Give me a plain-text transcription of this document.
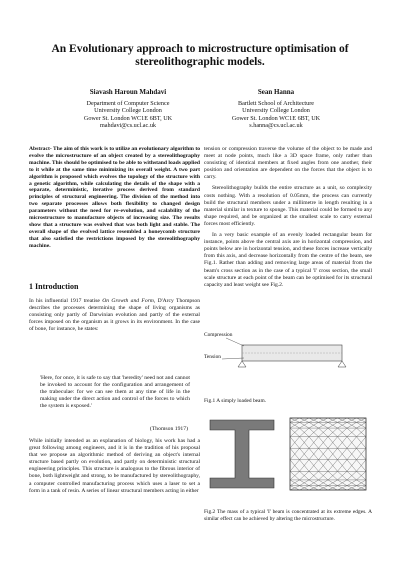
An Evolutionary approach to microstructure optimisation of
stereolithographic models.
Siavash Haroun Mahdavi
Department of Computer Science
University College London
Gower St. London WC1E 6BT, UK
mahdavi@cs.ucl.ac.uk
Sean Hanna
Bartlett School of Architecture
University College London
Gower St. London WC1E 6BT, UK
s.hanna@cs.ucl.ac.uk
Abstract- The aim of this work is to utilize an evolutionary algorithm to evolve the microstructure of an object created by a stereolithography machine. This should be optimised to be able to withstand loads applied to it while at the same time minimizing its overall weight. A two part algorithm is proposed which evolves the topology of the structure with a genetic algorithm, while calculating the details of the shape with a separate, deterministic, iterative process derived from standard principles of structural engineering. The division of the method into two separate processes allows both flexibility to changed design parameters without the need for re-evolution, and scalability of the microstructure to manufacture objects of increasing size. The results show that a structure was evolved that was both light and stable. The overall shape of the evolved lattice resembled a honeycomb structure that also satisfied the restrictions imposed by the stereolithography machine.
1 Introduction
In his influential 1917 treatise On Growth and Form, D'Arcy Thompson describes the processes determining the shape of living organisms as consisting only partly of Darwinian evolution and partly of the external forces imposed on the organism as it grows in its environment. In the case of bone, for instance, he states:
'Here, for once, it is safe to say that 'heredity' need not and cannot be invoked to account for the configuration and arrangement of the trabeculae: for we can see them at any time of life in the making under the direct action and control of the forces to which the system is exposed.'
(Thomson 1917)
While initially intended as an explanation of biology, his work has had a great following among engineers, and it is in the tradition of his proposal that we propose an algorithmic method of deriving an object's internal structure based partly on evolution, and partly on deterministic structural engineering principles. This structure is analogous to the fibrous interior of bone, both lightweight and strong, to be manufactured by stereolithography, a computer controlled manufacturing process which uses a laser to set a form in a tank of resin. A series of linear structural members acting in either

tension or compression traverse the volume of the object to be made and meet at node points, much like a 3D space frame, only rather than consisting of identical members at fixed angles from one another, their position and orientation are dependent on the forces that the object is to carry.

Stereolithography builds the entire structure as a unit, so complexity costs nothing. With a resolution of 0.05mm, the process can currently build the structural members under a millimetre in length resulting in a material similar in texture to sponge. This material could be formed to any shape required, and be organized at the smallest scale to carry external forces most efficiently.

In a very basic example of an evenly loaded rectangular beam for instance, points above the central axis are in horizontal compression, and points below are in horizontal tension, and these forces increase vertically from this axis, and decrease horizontally from the centre of the beam, see Fig.1. Rather than adding and removing large areas of material from the beam's cross section as in the case of a typical 'I' cross section, the small scale structure at each point of the beam can be optimised for its structural capacity and least weight see Fig.2.

Compression
Tension
Fig.1 A simply loaded beam.
Fig.2 The mass of a typical 'I' beam is concentrated at its extreme edges. A similar effect can be achieved by altering the microstructure.
